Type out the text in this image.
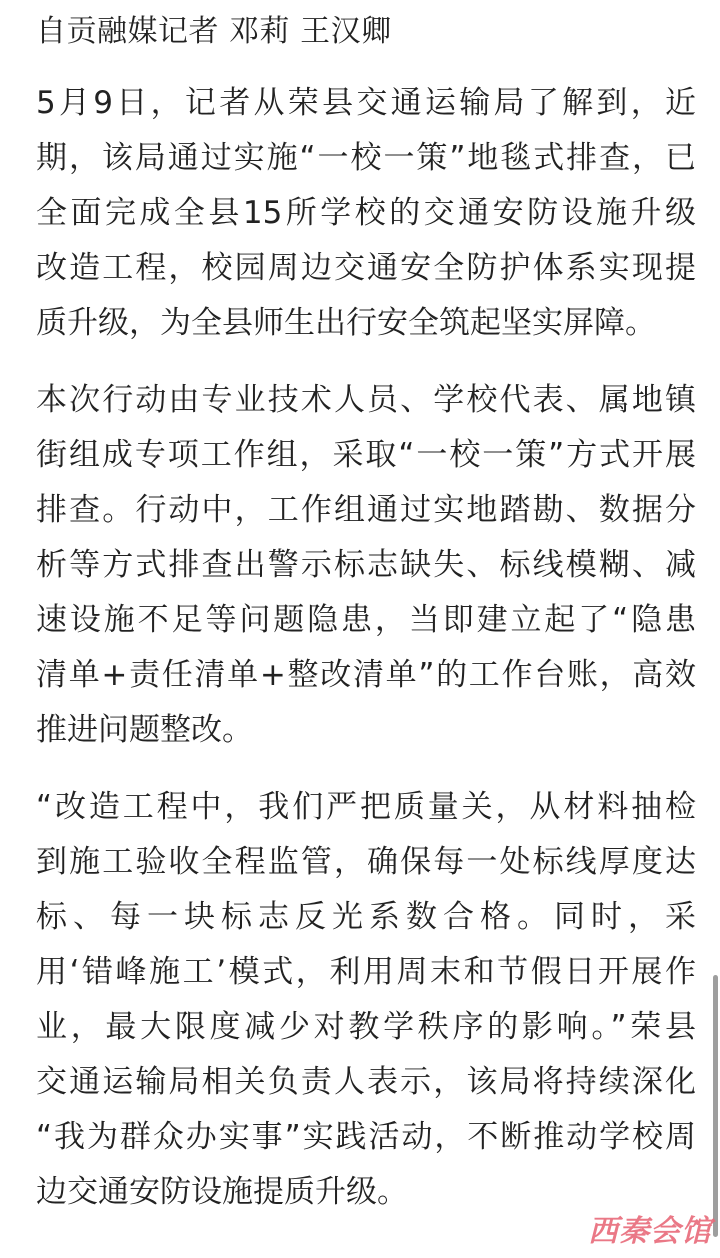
自贡融媒记者 邓莉 王汉卿
5月9日，记者从荣县交通运输局了解到，近
期，该局通过实施“一校一策”地毯式排查，已
全面完成全县15所学校的交通安防设施升级
改造工程，校园周边交通安全防护体系实现提
质升级，为全县师生出行安全筑起坚实屏障。
本次行动由专业技术人员、学校代表、属地镇
街组成专项工作组，采取“一校一策”方式开展
排查。行动中，工作组通过实地踏勘、数据分
析等方式排查出警示标志缺失、标线模糊、减
速设施不足等问题隐患，当即建立起了“隐患
清单+责任清单+整改清单”的工作台账，高效
推进问题整改。
“改造工程中，我们严把质量关，从材料抽检
到施工验收全程监管，确保每一处标线厚度达
标、每一块标志反光系数合格。同时，采
用‘错峰施工’模式，利用周末和节假日开展作
业，最大限度减少对教学秩序的影响。”荣县
交通运输局相关负责人表示，该局将持续深化
“我为群众办实事”实践活动，不断推动学校周
边交通安防设施提质升级。
西秦会馆
